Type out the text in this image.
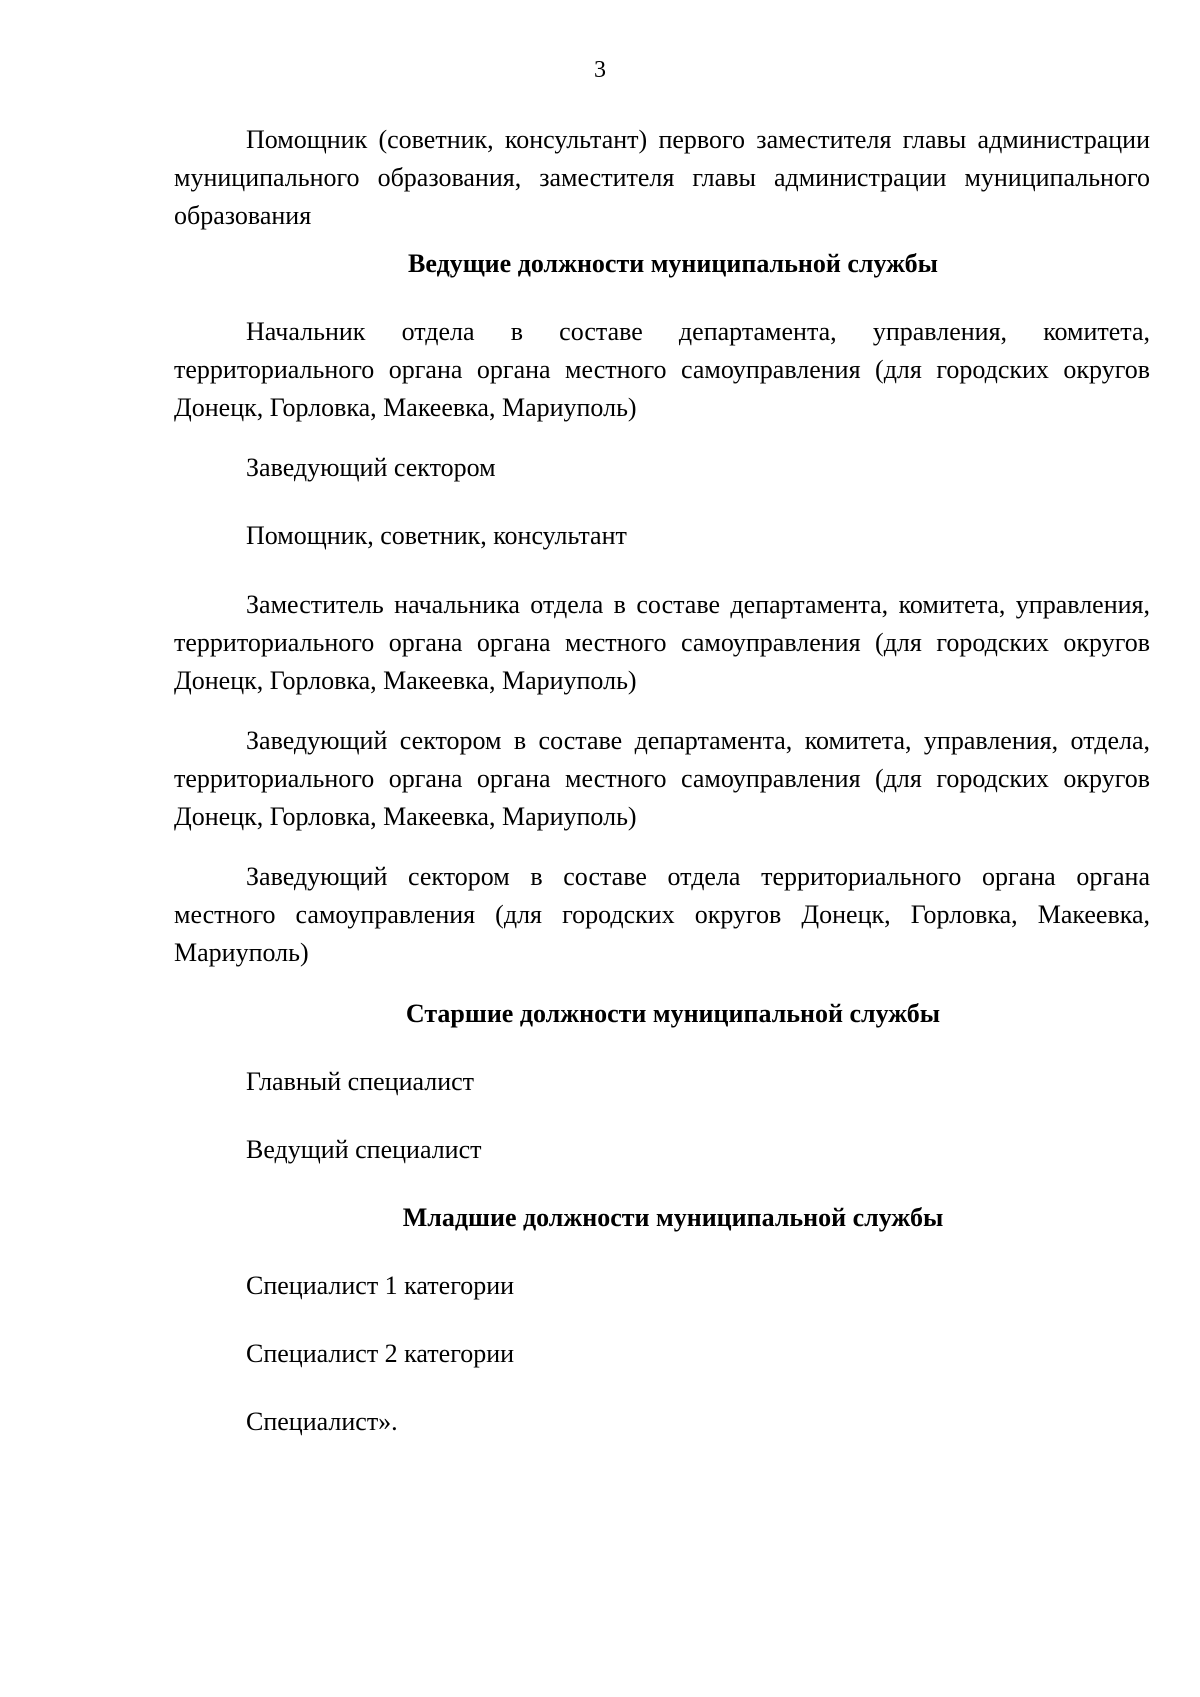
3

Помощник (советник, консультант) первого заместителя главы администрации муниципального образования, заместителя главы администрации муниципального образования

Ведущие должности муниципальной службы

Начальник отдела в составе департамента, управления, комитета, территориального органа органа местного самоуправления (для городских округов Донецк, Горловка, Макеевка, Мариуполь)

Заведующий сектором

Помощник, советник, консультант

Заместитель начальника отдела в составе департамента, комитета, управления, территориального органа органа местного самоуправления (для городских округов Донецк, Горловка, Макеевка, Мариуполь)

Заведующий сектором в составе департамента, комитета, управления, отдела, территориального органа органа местного самоуправления (для городских округов Донецк, Горловка, Макеевка, Мариуполь)

Заведующий сектором в составе отдела территориального органа органа местного самоуправления (для городских округов Донецк, Горловка, Макеевка, Мариуполь)

Старшие должности муниципальной службы

Главный специалист

Ведущий специалист

Младшие должности муниципальной службы

Специалист 1 категории

Специалист 2 категории

Специалист».
